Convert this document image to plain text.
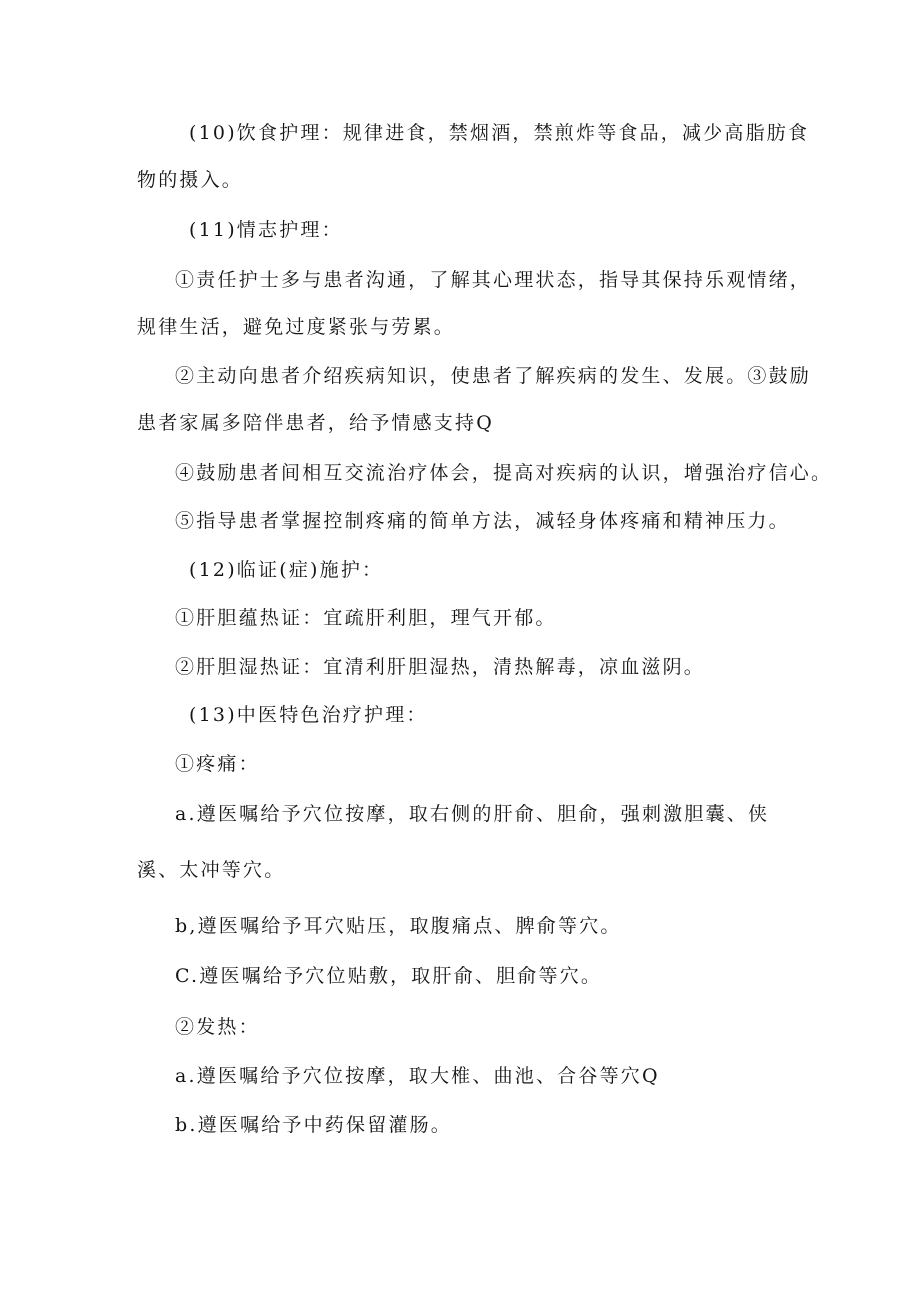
(10)饮食护理：规律进食，禁烟酒，禁煎炸等食品，减少高脂肪食
物的摄入。
(11)情志护理：
①责任护士多与患者沟通，了解其心理状态，指导其保持乐观情绪，
规律生活，避免过度紧张与劳累。
②主动向患者介绍疾病知识，使患者了解疾病的发生、发展。③鼓励
患者家属多陪伴患者，给予情感支持Q
④鼓励患者间相互交流治疗体会，提高对疾病的认识，增强治疗信心。
⑤指导患者掌握控制疼痛的简单方法，减轻身体疼痛和精神压力。
(12)临证(症)施护：
①肝胆蕴热证：宜疏肝利胆，理气开郁。
②肝胆湿热证：宜清利肝胆湿热，清热解毒，凉血滋阴。
(13)中医特色治疗护理：
①疼痛：
a.遵医嘱给予穴位按摩，取右侧的肝俞、胆俞，强刺激胆囊、侠
溪、太冲等穴。
b,遵医嘱给予耳穴贴压，取腹痛点、脾俞等穴。
C.遵医嘱给予穴位贴敷，取肝俞、胆俞等穴。
②发热：
a.遵医嘱给予穴位按摩，取大椎、曲池、合谷等穴Q
b.遵医嘱给予中药保留灌肠。
